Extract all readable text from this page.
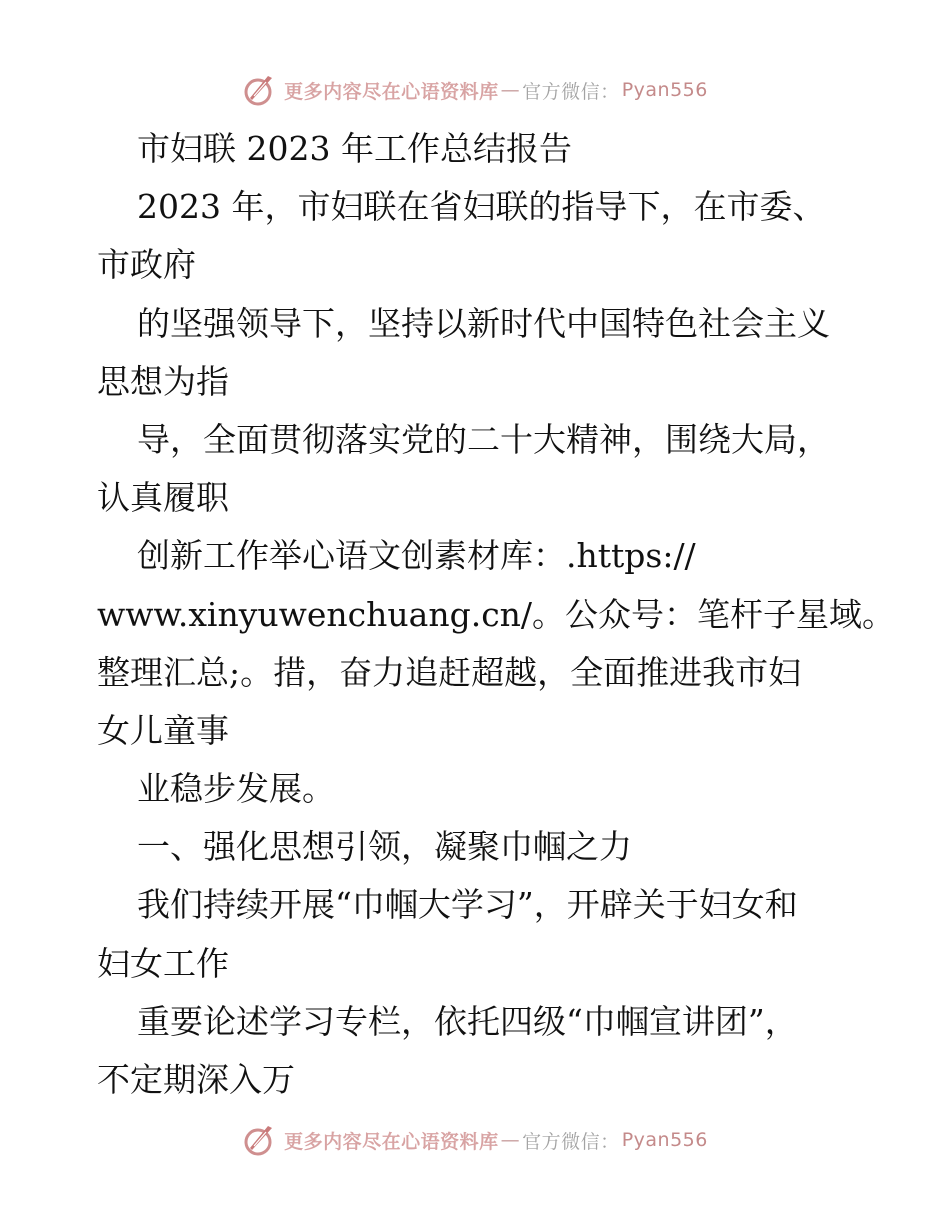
更多内容尽在心语资料库 — 官方微信： Pyan556
市妇联 2023 年工作总结报告
2023 年，市妇联在省妇联的指导下，在市委、
市政府
的坚强领导下，坚持以新时代中国特色社会主义
思想为指
导，全面贯彻落实党的二十大精神，围绕大局，
认真履职
创新工作举心语文创素材库：.https://
www.xinyuwenchuang.cn/。公众号：笔杆子星域。
整理汇总;。措，奋力追赶超越，全面推进我市妇
女儿童事
业稳步发展。
一、强化思想引领，凝聚巾帼之力
我们持续开展“巾帼大学习”，开辟关于妇女和
妇女工作
重要论述学习专栏，依托四级“巾帼宣讲团”，
不定期深入万
更多内容尽在心语资料库 — 官方微信： Pyan556
